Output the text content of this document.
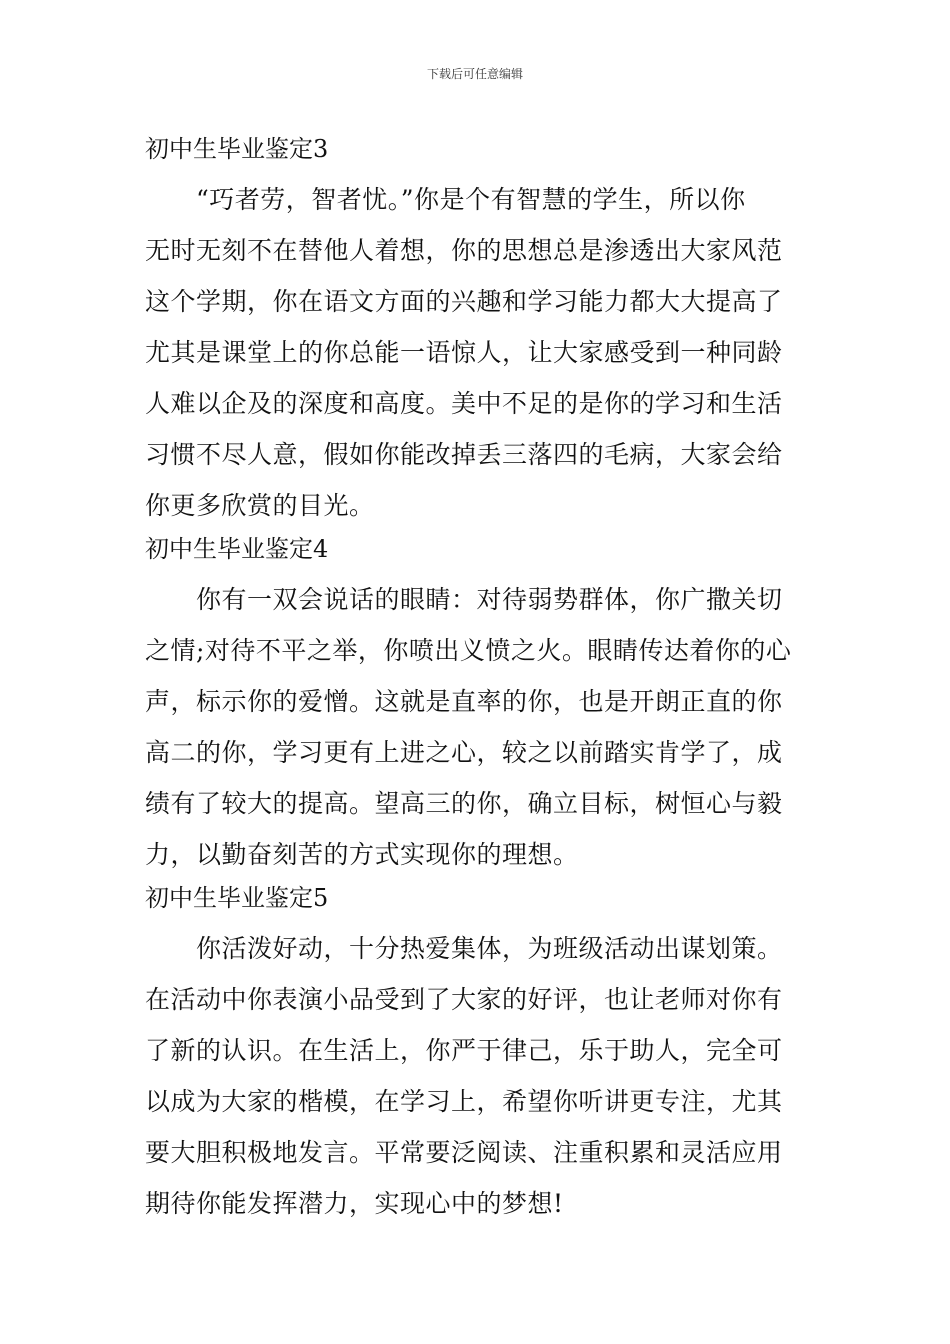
下载后可任意编辑
初中生毕业鉴定3
　　“巧者劳，智者忧。”你是个有智慧的学生，所以你
无时无刻不在替他人着想，你的思想总是渗透出大家风范
这个学期，你在语文方面的兴趣和学习能力都大大提高了
尤其是课堂上的你总能一语惊人，让大家感受到一种同龄
人难以企及的深度和高度。美中不足的是你的学习和生活
习惯不尽人意，假如你能改掉丢三落四的毛病，大家会给
你更多欣赏的目光。
初中生毕业鉴定4
　　你有一双会说话的眼睛：对待弱势群体，你广撒关切
之情;对待不平之举，你喷出义愤之火。眼睛传达着你的心
声，标示你的爱憎。这就是直率的你，也是开朗正直的你
高二的你，学习更有上进之心，较之以前踏实肯学了，成
绩有了较大的提高。望高三的你，确立目标，树恒心与毅
力，以勤奋刻苦的方式实现你的理想。
初中生毕业鉴定5
　　你活泼好动，十分热爱集体，为班级活动出谋划策。
在活动中你表演小品受到了大家的好评，也让老师对你有
了新的认识。在生活上，你严于律己，乐于助人，完全可
以成为大家的楷模，在学习上，希望你听讲更专注，尤其
要大胆积极地发言。平常要泛阅读、注重积累和灵活应用
期待你能发挥潜力，实现心中的梦想!
